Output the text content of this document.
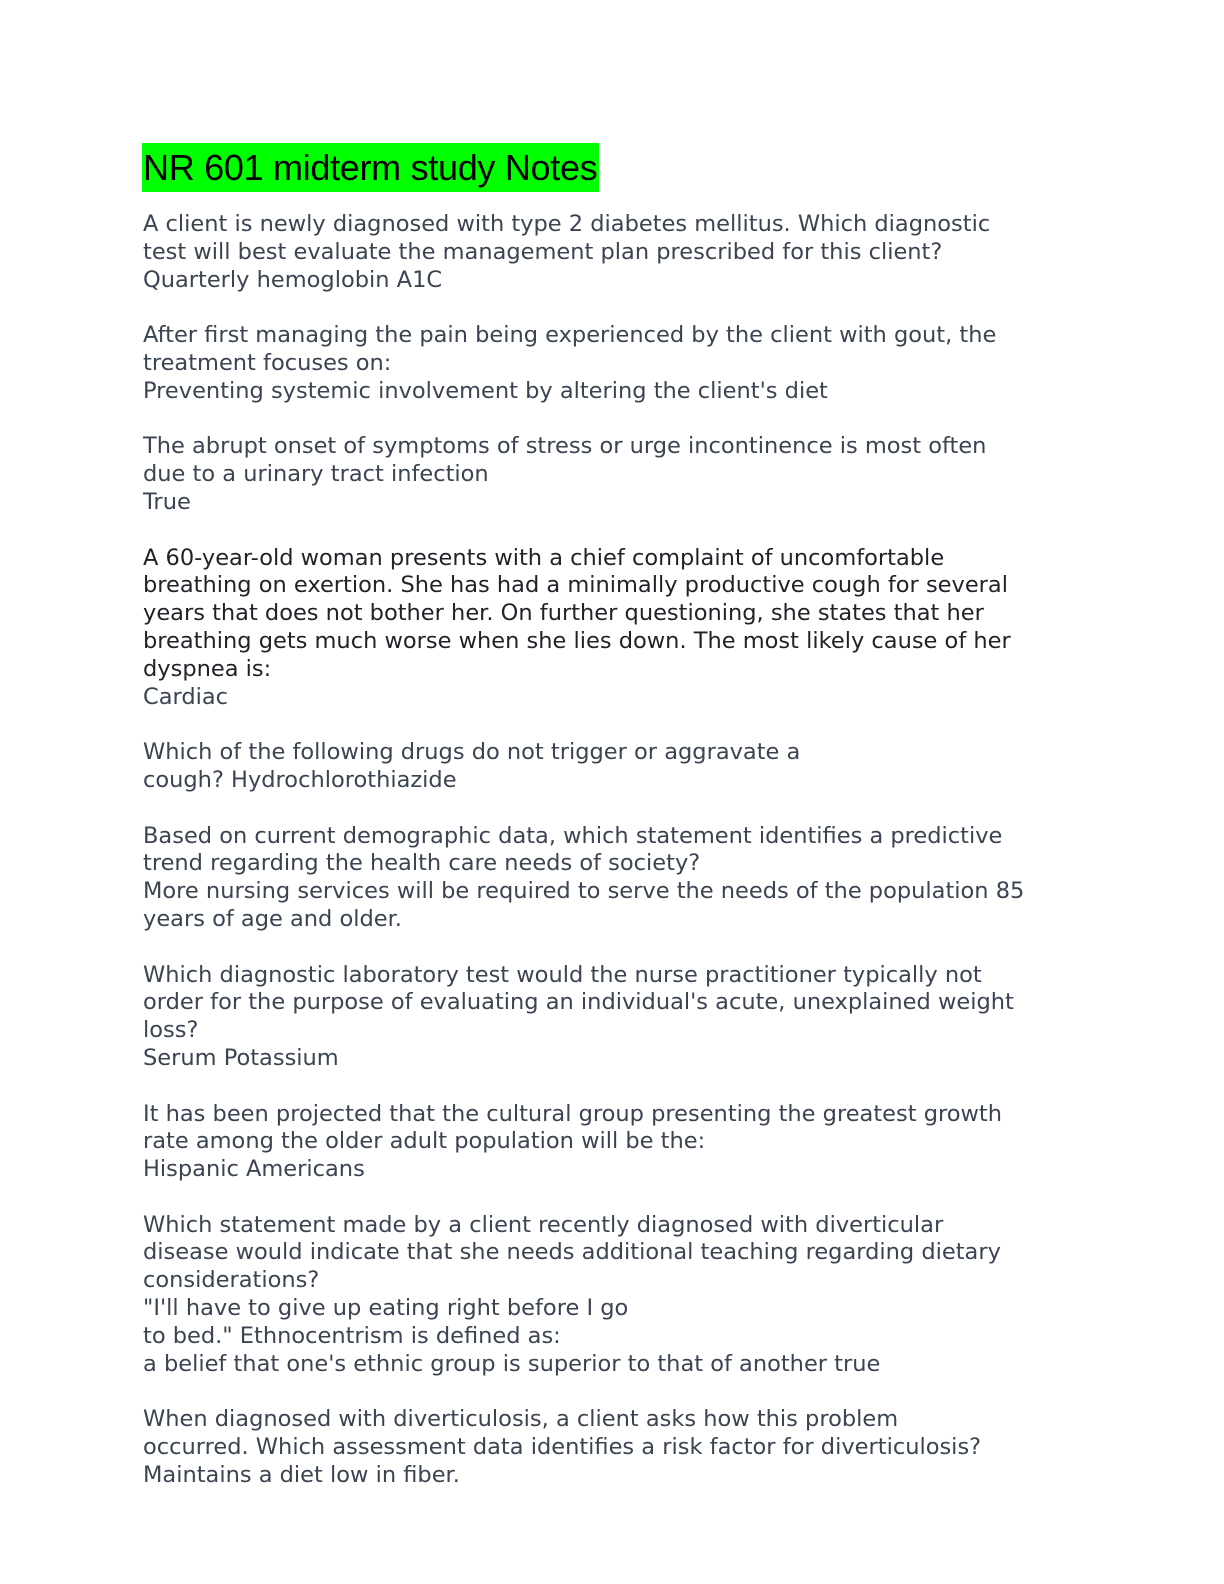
NR 601 midterm study Notes
A client is newly diagnosed with type 2 diabetes mellitus. Which diagnostic
test will best evaluate the management plan prescribed for this client?
Quarterly hemoglobin A1C
After first managing the pain being experienced by the client with gout, the
treatment focuses on:
Preventing systemic involvement by altering the client's diet
The abrupt onset of symptoms of stress or urge incontinence is most often
due to a urinary tract infection
True
A 60-year-old woman presents with a chief complaint of uncomfortable
breathing on exertion. She has had a minimally productive cough for several
years that does not bother her. On further questioning, she states that her
breathing gets much worse when she lies down. The most likely cause of her
dyspnea is:
Cardiac
Which of the following drugs do not trigger or aggravate a
cough? Hydrochlorothiazide
Based on current demographic data, which statement identifies a predictive
trend regarding the health care needs of society?
More nursing services will be required to serve the needs of the population 85
years of age and older.
Which diagnostic laboratory test would the nurse practitioner typically not
order for the purpose of evaluating an individual's acute, unexplained weight
loss?
Serum Potassium
It has been projected that the cultural group presenting the greatest growth
rate among the older adult population will be the:
Hispanic Americans
Which statement made by a client recently diagnosed with diverticular
disease would indicate that she needs additional teaching regarding dietary
considerations?
"I'll have to give up eating right before I go
to bed." Ethnocentrism is defined as:
a belief that one's ethnic group is superior to that of another true
When diagnosed with diverticulosis, a client asks how this problem
occurred. Which assessment data identifies a risk factor for diverticulosis?
Maintains a diet low in fiber.
